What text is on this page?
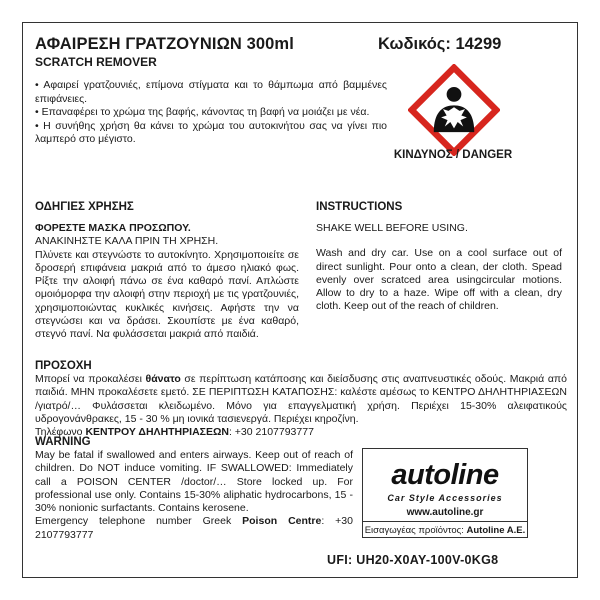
ΑΦΑΙΡΕΣΗ ΓΡΑΤΖΟΥΝΙΩΝ 300ml
SCRATCH REMOVER
Κωδικός: 14299

• Αφαιρεί γρατζουνιές, επίμονα στίγματα και το θάμπωμα από βαμμένες επιφάνειες.

• Επαναφέρει το χρώμα της βαφής, κάνοντας τη βαφή να μοιάζει με νέα.

• Η συνήθης χρήση θα κάνει το χρώμα του αυτοκινήτου σας να γίνει πιο λαμπερό στο μέγιστο.

ΚΙΝΔΥΝΟΣ / DANGER
ΟΔΗΓΙΕΣ ΧΡΗΣΗΣ
ΦΟΡΕΣΤΕ ΜΑΣΚΑ ΠΡΟΣΩΠΟΥ.
ΑΝΑΚΙΝΗΣΤΕ ΚΑΛΑ ΠΡΙΝ ΤΗ ΧΡΗΣΗ.
Πλύνετε και στεγνώστε το αυτοκίνητο. Χρησιμοποιείτε σε δροσερή επιφάνεια μακριά από το άμεσο ηλιακό φως. Ρίξτε την αλοιφή πάνω σε ένα καθαρό πανί. Απλώστε ομοιόμορφα την αλοιφή στην περιοχή με τις γρατζουνιές, χρησιμοποιώντας κυκλικές κινήσεις. Αφήστε την να στεγνώσει και να δράσει. Σκουπίστε με ένα καθαρό, στεγνό πανί. Να φυλάσσεται μακριά από παιδιά.
INSTRUCTIONS
SHAKE WELL BEFORE USING.
Wash and dry car. Use on a cool surface out of direct sunlight. Pour onto a clean, der cloth. Spead evenly over scratced area usingcircular motions. Allow to dry to a haze. Wipe off with a clean, dry cloth. Keep out of the reach of children.
ΠΡΟΣΟΧΗ
Μπορεί να προκαλέσει θάνατο σε περίπτωση κατάποσης και διείσδυσης στις αναπνευστικές οδούς. Μακριά από παιδιά. ΜΗΝ προκαλέσετε εμετό. ΣΕ ΠΕΡΙΠΤΩΣΗ ΚΑΤΑΠΟΣΗΣ: καλέστε αμέσως το ΚΕΝΤΡΟ ΔΗΛΗΤΗΡΙΑΣΕΩΝ /γιατρό/… Φυλάσσεται κλειδωμένο. Μόνο για επαγγελματική χρήση. Περιέχει 15-30% αλειφατικούς υδρογονάνθρακες, 15 - 30 % μη ιονικά τασιενεργά. Περιέχει κηροζίνη.
Τηλέφωνο ΚΕΝΤΡΟΥ ΔΗΛΗΤΗΡΙΑΣΕΩΝ: +30 2107793777
WARNING
May be fatal if swallowed and enters airways. Keep out of reach of children. Do NOT induce vomiting. IF SWALLOWED: Immediately call a POISON CENTER /doctor/… Store locked up. For professional use only. Contains 15-30% aliphatic hydrocarbons, 15 - 30% nonionic surfactants. Contains kerosene.
Emergency telephone number Greek Poison Centre: +30 2107793777
autoline
Car Style Accessories
www.autoline.gr
Εισαγωγέας προϊόντος: Autoline A.E.
UFI: UH20-X0AY-100V-0KG8
